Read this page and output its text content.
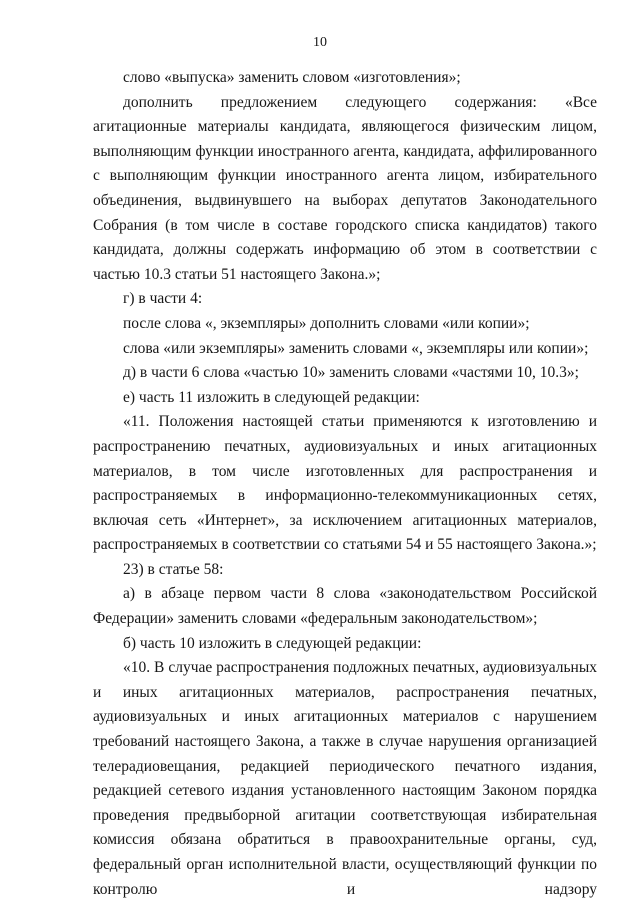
10

слово «выпуска» заменить словом «изготовления»;

дополнить предложением следующего содержания: «Все агитационные материалы кандидата, являющегося физическим лицом, выполняющим функции иностранного агента, кандидата, аффилированного с выполняющим функции иностранного агента лицом, избирательного объединения, выдвинувшего на выборах депутатов Законодательного Собрания (в том числе в составе городского списка кандидатов) такого кандидата, должны содержать информацию об этом в соответствии с частью 10.3 статьи 51 настоящего Закона.»;

г) в части 4:

после слова «, экземпляры» дополнить словами «или копии»;

слова «или экземпляры» заменить словами «, экземпляры или копии»;

д) в части 6 слова «частью 10» заменить словами «частями 10, 10.3»;

е) часть 11 изложить в следующей редакции:

«11. Положения настоящей статьи применяются к изготовлению и распространению печатных, аудиовизуальных и иных агитационных материалов, в том числе изготовленных для распространения и распространяемых в информационно-телекоммуникационных сетях, включая сеть «Интернет», за исключением агитационных материалов, распространяемых в соответствии со статьями 54 и 55 настоящего Закона.»;

23) в статье 58:

а) в абзаце первом части 8 слова «законодательством Российской Федерации» заменить словами «федеральным законодательством»;

б) часть 10 изложить в следующей редакции:

«10. В случае распространения подложных печатных, аудиовизуальных и иных агитационных материалов, распространения печатных, аудиовизуальных и иных агитационных материалов с нарушением требований настоящего Закона, а также в случае нарушения организацией телерадиовещания, редакцией периодического печатного издания, редакцией сетевого издания установленного настоящим Законом порядка проведения предвыборной агитации соответствующая избирательная комиссия обязана обратиться в правоохранительные органы, суд, федеральный орган исполнительной власти, осуществляющий функции по контролю и надзору
